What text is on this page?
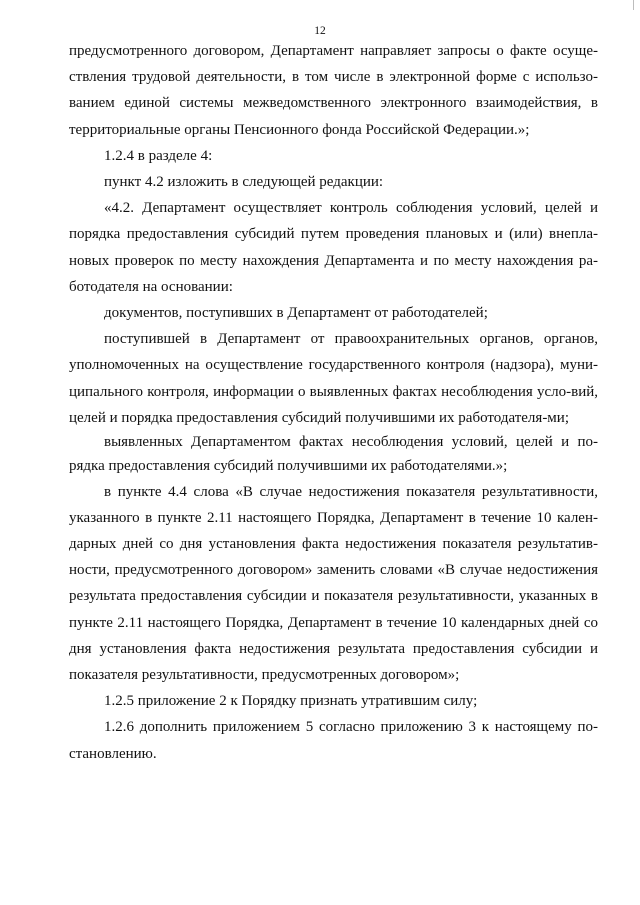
12

предусмотренного договором, Департамент направляет запросы о факте осуще-ствления трудовой деятельности, в том числе в электронной форме с использо-ванием единой системы межведомственного электронного взаимодействия, в территориальные органы Пенсионного фонда Российской Федерации.»;

1.2.4 в разделе 4:

пункт 4.2 изложить в следующей редакции:

«4.2. Департамент осуществляет контроль соблюдения условий, целей и порядка предоставления субсидий путем проведения плановых и (или) внепла-новых проверок по месту нахождения Департамента и по месту нахождения ра-ботодателя на основании:

документов, поступивших в Департамент от работодателей;

поступившей в Департамент от правоохранительных органов, органов, уполномоченных на осуществление государственного контроля (надзора), муни-ципального контроля, информации о выявленных фактах несоблюдения усло-вий, целей и порядка предоставления субсидий получившими их работодателя-ми;

выявленных Департаментом фактах несоблюдения условий, целей и по-рядка предоставления субсидий получившими их работодателями.»;

в пункте 4.4 слова «В случае недостижения показателя результативности, указанного в пункте 2.11 настоящего Порядка, Департамент в течение 10 кален-дарных дней со дня установления факта недостижения показателя результатив-ности, предусмотренного договором» заменить словами «В случае недостижения результата предоставления субсидии и показателя результативности, указанных в пункте 2.11 настоящего Порядка, Департамент в течение 10 календарных дней со дня установления факта недостижения результата предоставления субсидии и показателя результативности, предусмотренных договором»;

1.2.5 приложение 2 к Порядку признать утратившим силу;

1.2.6 дополнить приложением 5 согласно приложению 3 к настоящему по-становлению.
